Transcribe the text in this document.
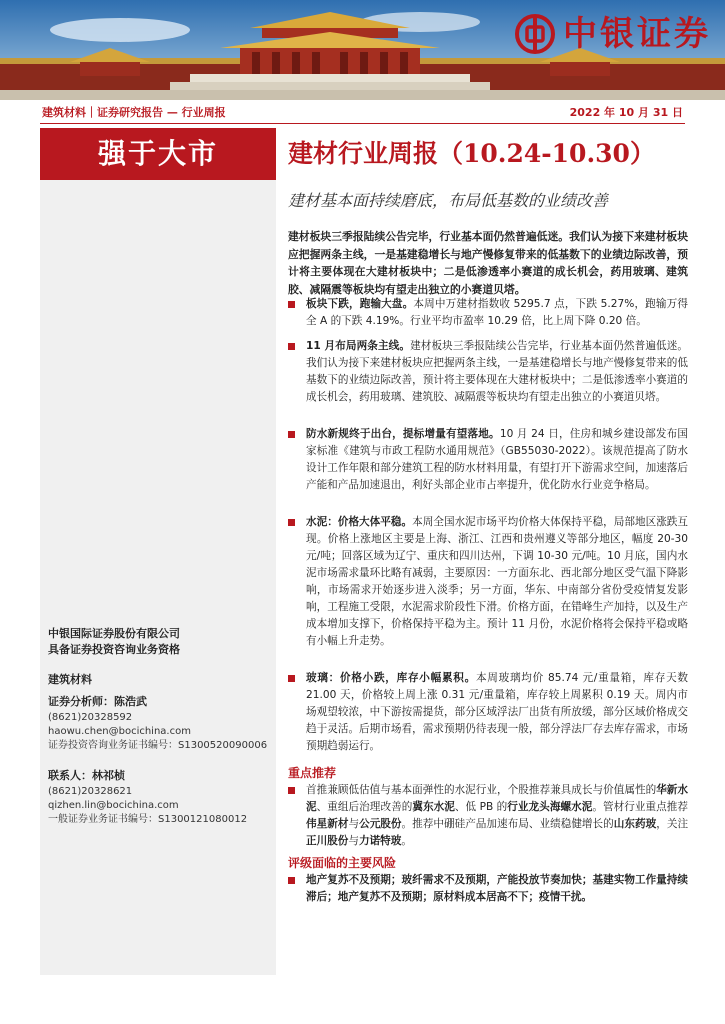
中银证券
建筑材料｜证券研究报告 — 行业周报	2022 年 10 月 31 日
强于大市
中银国际证券股份有限公司
具备证券投资咨询业务资格
建筑材料
证券分析师：陈浩武
(8621)20328592
haowu.chen@bocichina.com
证券投资咨询业务证书编号：S1300520090006
联系人：林祁桢
(8621)20328621
qizhen.lin@bocichina.com
一般证券业务证书编号：S1300121080012
建材行业周报（10.24-10.30）
建材基本面持续磨底，布局低基数的业绩改善
建材板块三季报陆续公告完毕，行业基本面仍然普遍低迷。我们认为接下来建材板块应把握两条主线，一是基建稳增长与地产慢修复带来的低基数下的业绩边际改善，预计将主要体现在大建材板块中；二是低渗透率小赛道的成长机会，药用玻璃、建筑胶、减隔震等板块均有望走出独立的小赛道贝塔。
板块下跌，跑输大盘。本周中万建材指数收 5295.7 点，下跌 5.27%，跑输万得全 A 的下跌 4.19%。行业平均市盈率 10.29 倍，比上周下降 0.20 倍。
11 月布局两条主线。建材板块三季报陆续公告完毕，行业基本面仍然普遍低迷。我们认为接下来建材板块应把握两条主线，一是基建稳增长与地产慢修复带来的低基数下的业绩边际改善，预计将主要体现在大建材板块中；二是低渗透率小赛道的成长机会，药用玻璃、建筑胶、减隔震等板块均有望走出独立的小赛道贝塔。
防水新规终于出台，提标增量有望落地。10 月 24 日，住房和城乡建设部发布国家标准《建筑与市政工程防水通用规范》（GB55030-2022）。该规范提高了防水设计工作年限和部分建筑工程的防水材料用量，有望打开下游需求空间，加速落后产能和产品加速退出，利好头部企业市占率提升，优化防水行业竞争格局。
水泥：价格大体平稳。本周全国水泥市场平均价格大体保持平稳，局部地区涨跌互现。价格上涨地区主要是上海、浙江、江西和贵州遵义等部分地区，幅度 20-30 元/吨；回落区域为辽宁、重庆和四川达州，下调 10-30 元/吨。10 月底，国内水泥市场需求量环比略有减弱，主要原因：一方面东北、西北部分地区受气温下降影响，市场需求开始逐步进入淡季；另一方面，华东、中南部分省份受疫情复发影响，工程施工受限，水泥需求阶段性下滑。价格方面，在错峰生产加持，以及生产成本增加支撑下，价格保持平稳为主。预计 11 月份，水泥价格将会保持平稳或略有小幅上升走势。
玻璃：价格小跌，库存小幅累积。本周玻璃均价 85.74 元/重量箱，库存天数 21.00 天，价格较上周上涨 0.31 元/重量箱，库存较上周累积 0.19 天。周内市场观望较浓，中下游按需提货，部分区域浮法厂出货有所放缓，部分区域价格成交趋于灵活。后期市场看，需求预期仍待表现一般，部分浮法厂存去库存需求，市场预期趋弱运行。
重点推荐
首推兼顾低估值与基本面弹性的水泥行业，个股推荐兼具成长与价值属性的华新水泥、重组后治理改善的冀东水泥、低 PB 的行业龙头海螺水泥。管材行业重点推荐伟星新材与公元股份。推荐中硼硅产品加速布局、业绩稳健增长的山东药玻，关注正川股份与力诺特玻。
评级面临的主要风险
地产复苏不及预期；玻纤需求不及预期，产能投放节奏加快；基建实物工作量持续滞后；地产复苏不及预期；原材料成本居高不下；疫情干扰。
